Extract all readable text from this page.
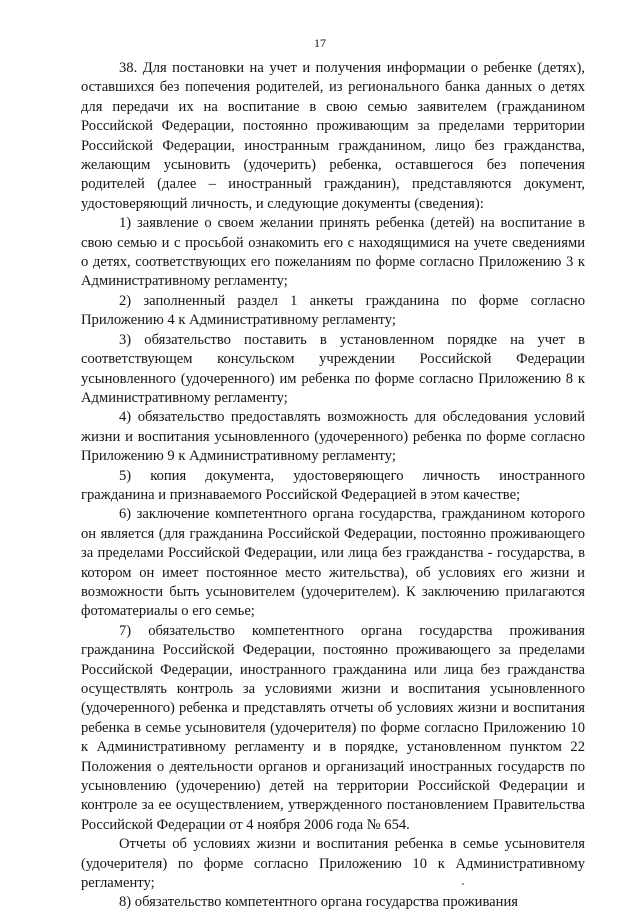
17

38. Для постановки на учет и получения информации о ребенке (детях), оставшихся без попечения родителей, из регионального банка данных о детях для передачи их на воспитание в свою семью заявителем (гражданином Российской Федерации, постоянно проживающим за пределами территории Российской Федерации, иностранным гражданином, лицо без гражданства, желающим усыновить (удочерить) ребенка, оставшегося без попечения родителей (далее – иностранный гражданин), представляются документ, удостоверяющий личность, и следующие документы (сведения):

1) заявление о своем желании принять ребенка (детей) на воспитание в свою семью и с просьбой ознакомить его с находящимися на учете сведениями о детях, соответствующих его пожеланиям по форме согласно Приложению 3 к Административному регламенту;

2) заполненный раздел 1 анкеты гражданина по форме согласно Приложению 4 к Административному регламенту;

3) обязательство поставить в установленном порядке на учет в соответствующем консульском учреждении Российской Федерации усыновленного (удочеренного) им ребенка по форме согласно Приложению 8 к Административному регламенту;

4) обязательство предоставлять возможность для обследования условий жизни и воспитания усыновленного (удочеренного) ребенка по форме согласно Приложению 9 к Административному регламенту;

5) копия документа, удостоверяющего личность иностранного гражданина и признаваемого Российской Федерацией в этом качестве;

6) заключение компетентного органа государства, гражданином которого он является (для гражданина Российской Федерации, постоянно проживающего за пределами Российской Федерации, или лица без гражданства - государства, в котором он имеет постоянное место жительства), об условиях его жизни и возможности быть усыновителем (удочерителем). К заключению прилагаются фотоматериалы о его семье;

7) обязательство компетентного органа государства проживания гражданина Российской Федерации, постоянно проживающего за пределами Российской Федерации, иностранного гражданина или лица без гражданства осуществлять контроль за условиями жизни и воспитания усыновленного (удочеренного) ребенка и представлять отчеты об условиях жизни и воспитания ребенка в семье усыновителя (удочерителя) по форме согласно Приложению 10 к Административному регламенту и в порядке, установленном пунктом 22 Положения о деятельности органов и организаций иностранных государств по усыновлению (удочерению) детей на территории Российской Федерации и контроле за ее осуществлением, утвержденного постановлением Правительства Российской Федерации от 4 ноября 2006 года № 654.

Отчеты об условиях жизни и воспитания ребенка в семье усыновителя (удочерителя) по форме согласно Приложению 10 к Административному регламенту;

8) обязательство компетентного органа государства проживания
